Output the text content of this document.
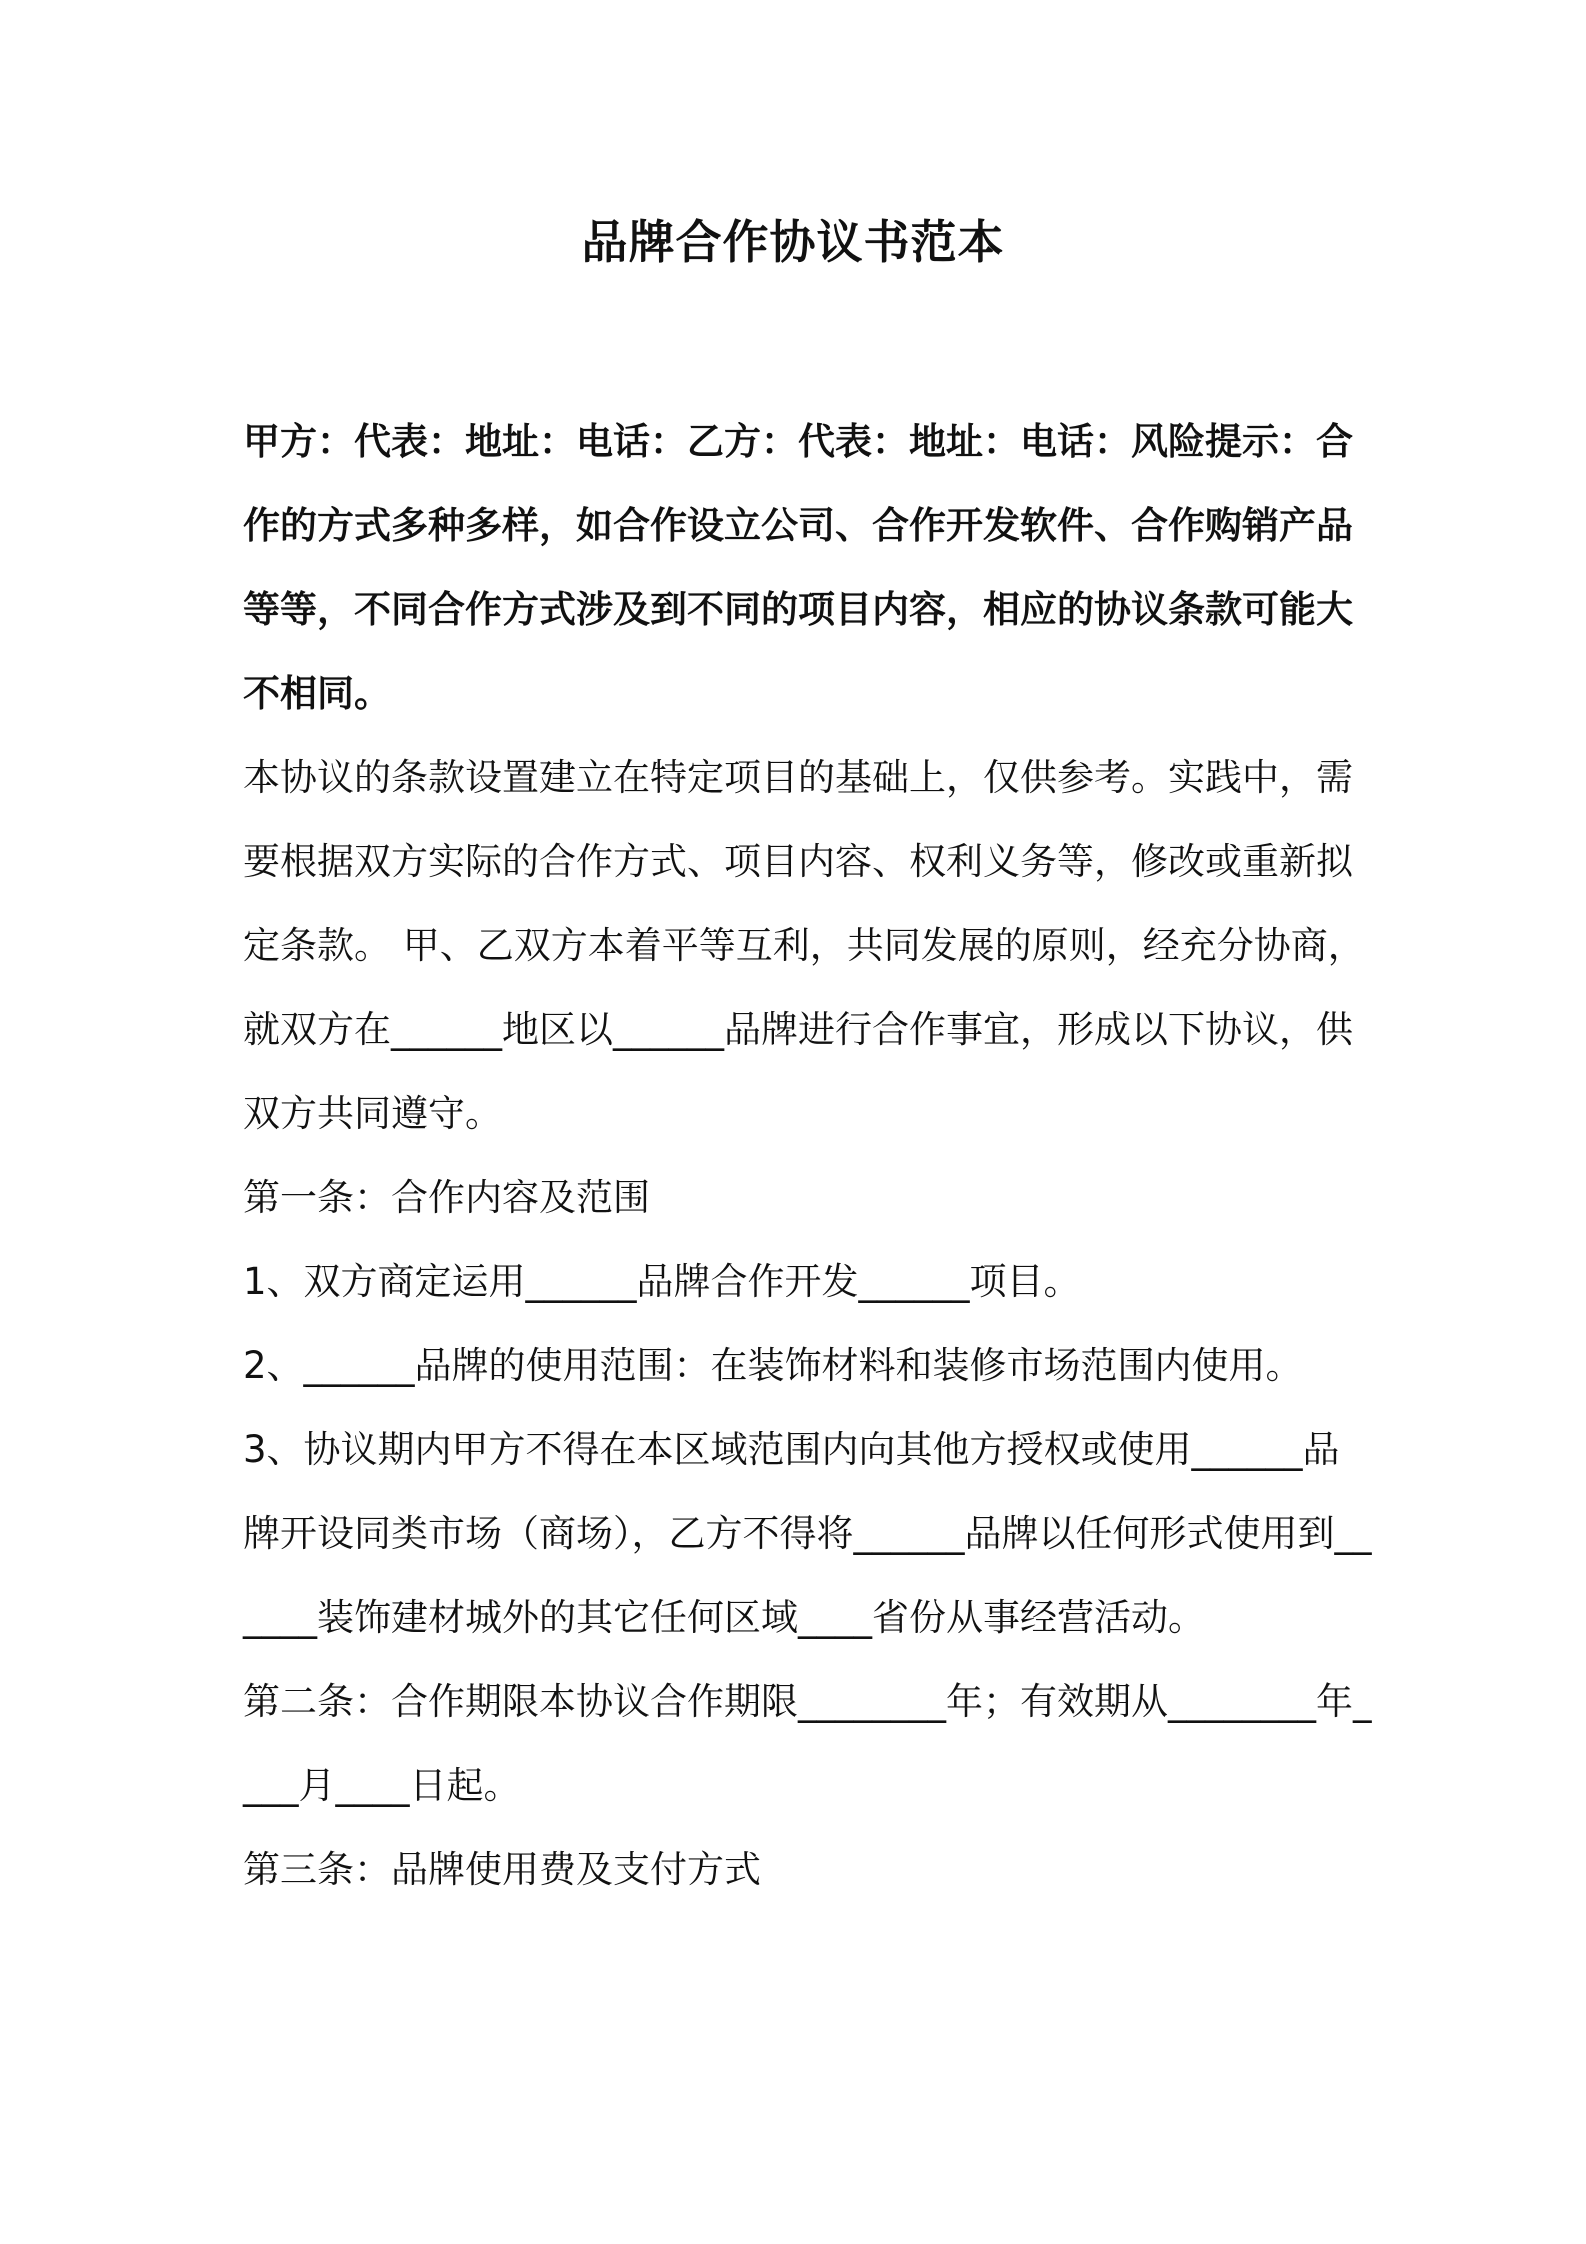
品牌合作协议书范本

甲方：代表：地址：电话：乙方：代表：地址：电话：风险提示：合作的方式多种多样，如合作设立公司、合作开发软件、合作购销产品等等，不同合作方式涉及到不同的项目内容，相应的协议条款可能大不相同。

本协议的条款设置建立在特定项目的基础上，仅供参考。实践中，需要根据双方实际的合作方式、项目内容、权利义务等，修改或重新拟定条款。 甲、乙双方本着平等互利，共同发展的原则，经充分协商，就双方在______地区以______品牌进行合作事宜，形成以下协议，供双方共同遵守。

第一条：合作内容及范围

1、双方商定运用______品牌合作开发______项目。

2、______品牌的使用范围：在装饰材料和装修市场范围内使用。

3、协议期内甲方不得在本区域范围内向其他方授权或使用______品牌开设同类市场（商场），乙方不得将______品牌以任何形式使用到______装饰建材城外的其它任何区域____省份从事经营活动。

第二条：合作期限本协议合作期限________年；有效期从________年____月____日起。

第三条：品牌使用费及支付方式
